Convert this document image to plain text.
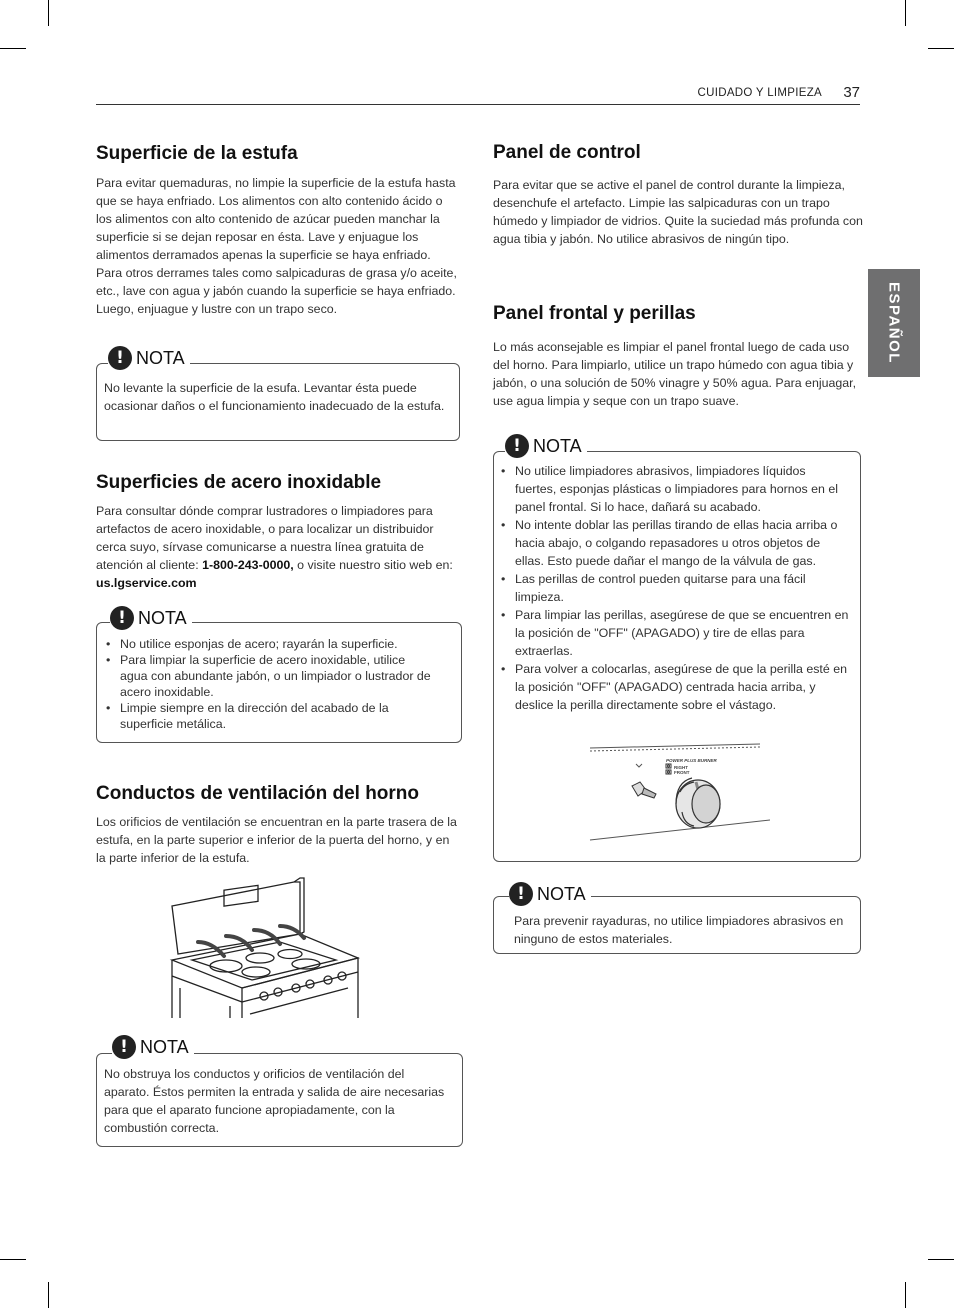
CUIDADO Y LIMPIEZA	37
ESPAÑOL
Superficie de la estufa

Para evitar quemaduras, no limpie la superficie de la estufa hasta que se haya enfriado. Los alimentos con alto contenido ácido o los alimentos con alto contenido de azúcar pueden manchar la superficie si se dejan reposar en ésta. Lave y enjuague los alimentos derramados apenas la superficie se haya enfriado. Para otros derrames tales como salpicaduras de grasa y/o aceite, etc., lave con agua y jabón cuando la superficie se haya enfriado. Luego, enjuague y lustre con un trapo seco.

! NOTA

No levante la superficie de la esufa. Levantar ésta puede ocasionar daños o el funcionamiento inadecuado de la estufa.

Superficies de acero inoxidable

Para consultar dónde comprar lustradores o limpiadores para artefactos de acero inoxidable, o para localizar un distribuidor cerca suyo, sírvase comunicarse a nuestra línea gratuita de atención al cliente: 1-800-243-0000, o visite nuestro sitio web en: us.lgservice.com

! NOTA
• No utilice esponjas de acero; rayarán la superficie.
• Para limpiar la superficie de acero inoxidable, utilice agua con abundante jabón, o un limpiador o lustrador de acero inoxidable.
• Limpie siempre en la dirección del acabado de la superficie metálica.
Conductos de ventilación del horno

Los orificios de ventilación se encuentran en la parte trasera de la estufa, en la parte superior e inferior de la puerta del horno, y en la parte inferior de la estufa.

! NOTA

No obstruya los conductos y orificios de ventilación del aparato. Éstos permiten la entrada y salida de aire necesarias para que el aparato funcione apropiadamente, con la combustión correcta.

Panel de control

Para evitar que se active el panel de control durante la limpieza, desenchufe el artefacto. Limpie las salpicaduras con un trapo húmedo y limpiador de vidrios. Quite la suciedad más profunda con agua tibia y jabón. No utilice abrasivos de ningún tipo.

Panel frontal y perillas

Lo más aconsejable es limpiar el panel frontal luego de cada uso del horno. Para limpiarlo, utilice un trapo húmedo con agua tibia y jabón, o una solución de 50% vinagre y 50% agua. Para enjuagar, use agua limpia y seque con un trapo suave.

! NOTA
• No utilice limpiadores abrasivos, limpiadores líquidos fuertes, esponjas plásticas o limpiadores para hornos en el panel frontal. Si lo hace, dañará su acabado.
• No intente doblar las perillas tirando de ellas hacia arriba o hacia abajo, o colgando repasadores u otros objetos de ellas. Esto puede dañar el mango de la válvula de gas.
• Las perillas de control pueden quitarse para una fácil limpieza.
• Para limpiar las perillas, asegúrese de que se encuentren en la posición de "OFF" (APAGADO) y tire de ellas para extraerlas.
• Para volver a colocarlas, asegúrese de que la perilla esté en la posición "OFF" (APAGADO) centrada hacia arriba, y deslice la perilla directamente sobre el vástago.
POWER PLUS BURNER
RIGHT
FRONT
! NOTA

Para prevenir rayaduras, no utilice limpiadores abrasivos en ninguno de estos materiales.
